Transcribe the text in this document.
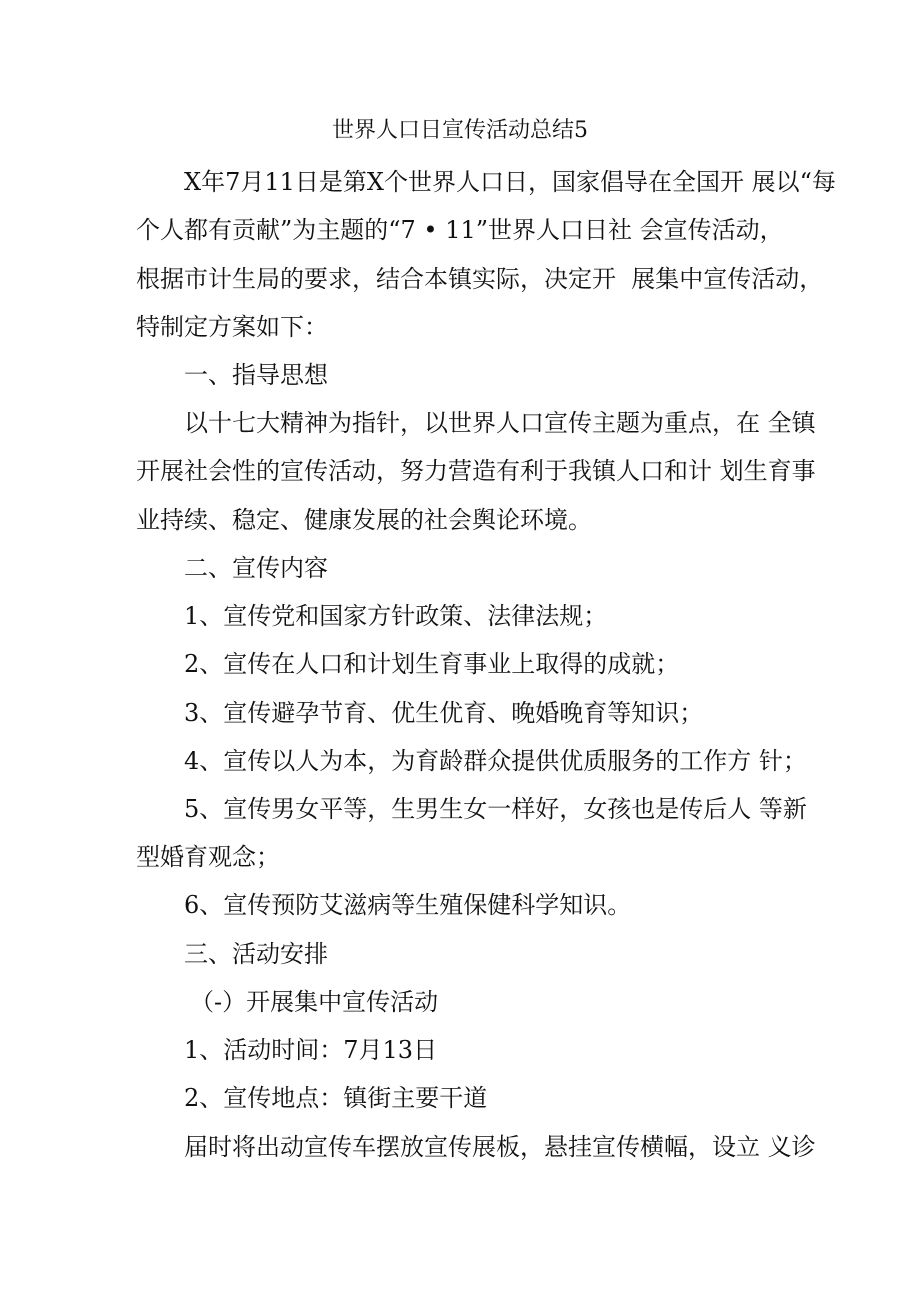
世界人口日宣传活动总结5
X年7月11日是第X个世界人口日，国家倡导在全国开 展以“每
个人都有贡献”为主题的“7 • 11”世界人口日社 会宣传活动，
根据市计生局的要求，结合本镇实际，决定开  展集中宣传活动，
特制定方案如下：
一、指导思想
以十七大精神为指针，以世界人口宣传主题为重点，在 全镇
开展社会性的宣传活动，努力营造有利于我镇人口和计 划生育事
业持续、稳定、健康发展的社会舆论环境。
二、宣传内容
1、宣传党和国家方针政策、法律法规；
2、宣传在人口和计划生育事业上取得的成就；
3、宣传避孕节育、优生优育、晚婚晚育等知识；
4、宣传以人为本，为育龄群众提供优质服务的工作方 针；
5、宣传男女平等，生男生女一样好，女孩也是传后人 等新
型婚育观念；
6、宣传预防艾滋病等生殖保健科学知识。
三、活动安排
（-）开展集中宣传活动
1、活动时间：7月13日
2、宣传地点：镇街主要干道
届时将出动宣传车摆放宣传展板，悬挂宣传横幅，设立 义诊
